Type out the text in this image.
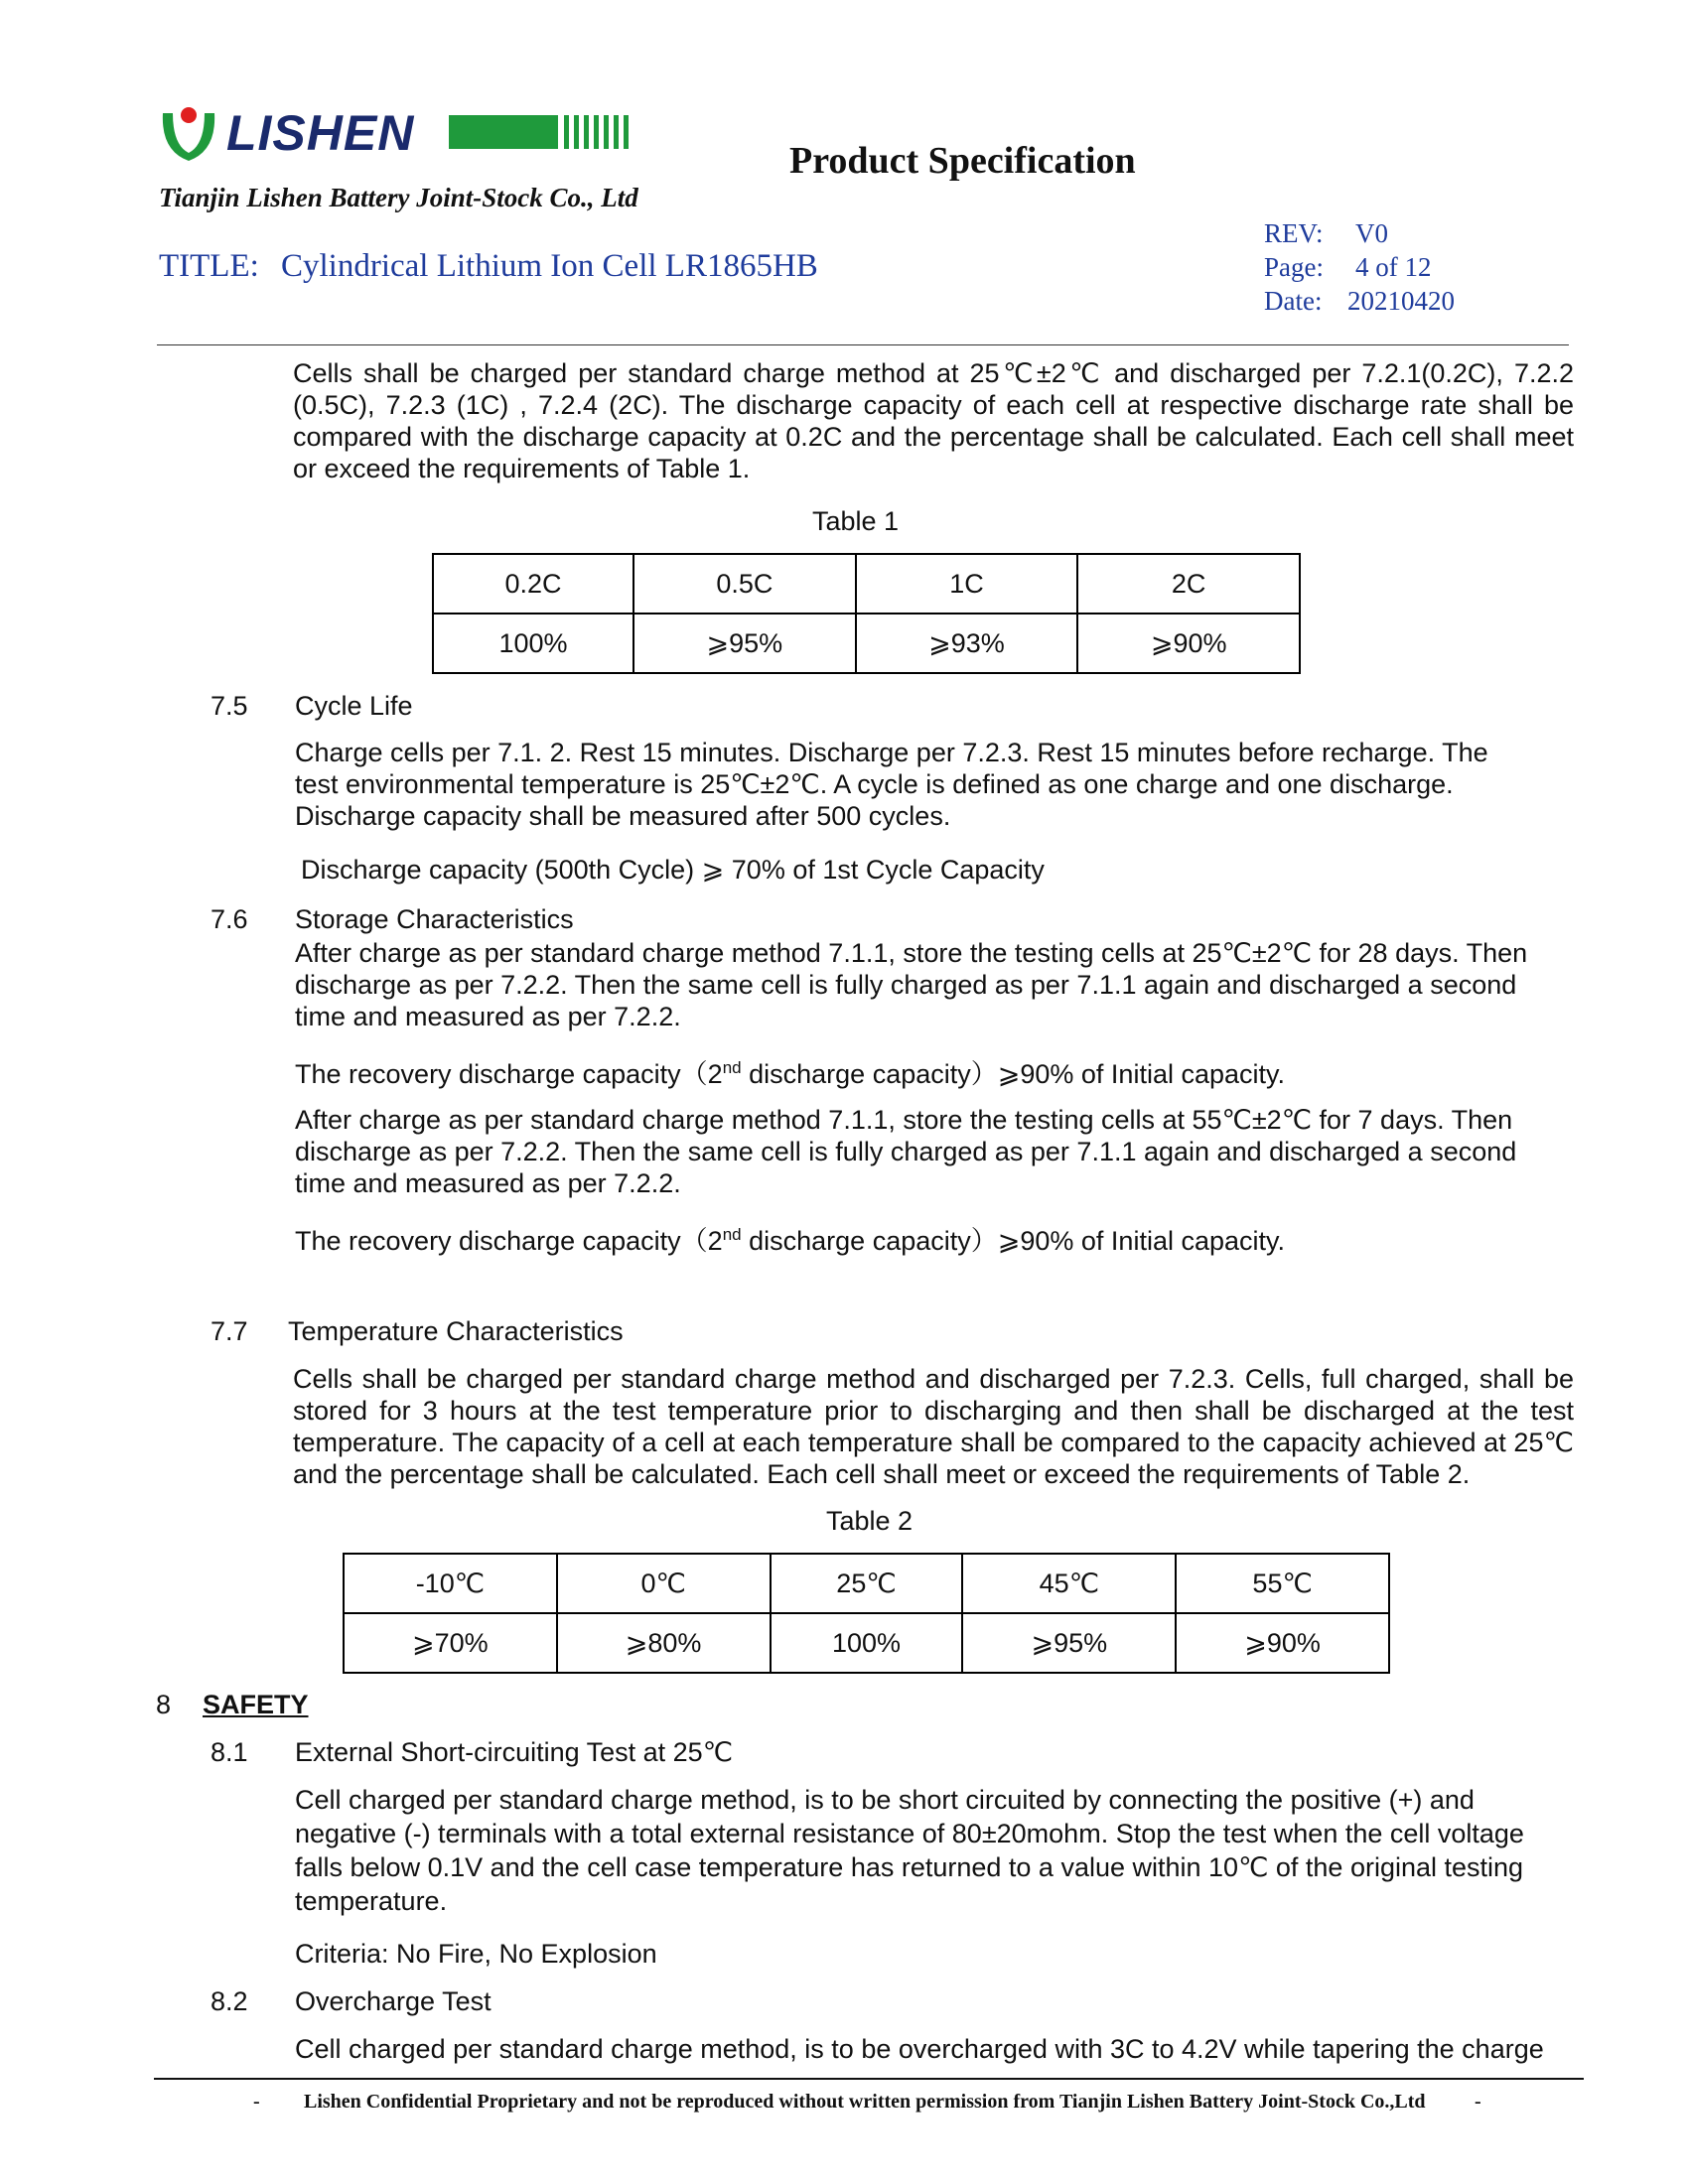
LISHEN
Tianjin Lishen Battery Joint-Stock Co., Ltd
Product Specification
TITLE: Cylindrical Lithium Ion Cell LR1865HB
REV: V0
Page: 4 of 12
Date: 20210420
Cells shall be charged per standard charge method at 25℃±2℃ and discharged per 7.2.1(0.2C), 7.2.2 (0.5C), 7.2.3 (1C) , 7.2.4 (2C). The discharge capacity of each cell at respective discharge rate shall be compared with the discharge capacity at 0.2C and the percentage shall be calculated. Each cell shall meet or exceed the requirements of Table 1.
Table 1
0.2C	0.5C	1C	2C
100%	⩾95%	⩾93%	⩾90%
7.5 Cycle Life
Charge cells per 7.1. 2. Rest 15 minutes. Discharge per 7.2.3. Rest 15 minutes before recharge. The test environmental temperature is 25℃±2℃. A cycle is defined as one charge and one discharge. Discharge capacity shall be measured after 500 cycles.
Discharge capacity (500th Cycle) ⩾ 70% of 1st Cycle Capacity
7.6 Storage Characteristics
After charge as per standard charge method 7.1.1, store the testing cells at 25℃±2℃ for 28 days. Then discharge as per 7.2.2. Then the same cell is fully charged as per 7.1.1 again and discharged a second time and measured as per 7.2.2.
The recovery discharge capacity（2nd discharge capacity）⩾90% of Initial capacity.
After charge as per standard charge method 7.1.1, store the testing cells at 55℃±2℃ for 7 days. Then discharge as per 7.2.2. Then the same cell is fully charged as per 7.1.1 again and discharged a second time and measured as per 7.2.2.
The recovery discharge capacity（2nd discharge capacity）⩾90% of Initial capacity.
7.7 Temperature Characteristics
Cells shall be charged per standard charge method and discharged per 7.2.3. Cells, full charged, shall be stored for 3 hours at the test temperature prior to discharging and then shall be discharged at the test temperature. The capacity of a cell at each temperature shall be compared to the capacity achieved at 25℃ and the percentage shall be calculated. Each cell shall meet or exceed the requirements of Table 2.
Table 2
-10℃	0℃	25℃	45℃	55℃
⩾70%	⩾80%	100%	⩾95%	⩾90%
8 SAFETY
8.1 External Short-circuiting Test at 25℃
Cell charged per standard charge method, is to be short circuited by connecting the positive (+) and negative (-) terminals with a total external resistance of 80±20mohm. Stop the test when the cell voltage falls below 0.1V and the cell case temperature has returned to a value within 10℃ of the original testing temperature.
Criteria: No Fire, No Explosion
8.2 Overcharge Test
Cell charged per standard charge method, is to be overcharged with 3C to 4.2V while tapering the charge
- Lishen Confidential Proprietary and not be reproduced without written permission from Tianjin Lishen Battery Joint-Stock Co.,Ltd -
